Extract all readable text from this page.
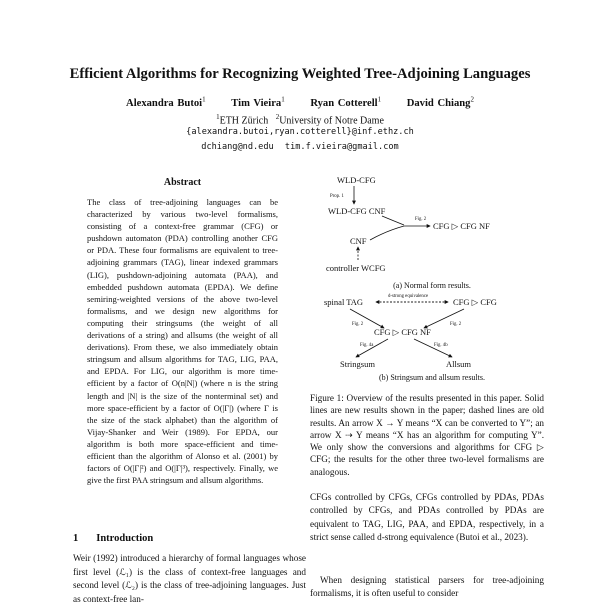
Efficient Algorithms for Recognizing Weighted Tree-Adjoining Languages
Alexandra Butoi$^1$ Tim Vieira$^1$ Ryan Cotterell$^1$ David Chiang$^2$
$^1$ETH Zürich $^2$University of Notre Dame
{alexandra.butoi,ryan.cotterell}@inf.ethz.ch
dchiang@nd.edu tim.f.vieira@gmail.com
Abstract
The class of tree-adjoining languages can be characterized by various two-level formalisms, consisting of a context-free grammar (CFG) or pushdown automaton (PDA) controlling another CFG or PDA. These four formalisms are equivalent to tree-adjoining grammars (TAG), linear indexed grammars (LIG), pushdown-adjoining automata (PAA), and embedded pushdown automata (EPDA). We define semiring-weighted versions of the above two-level formalisms, and we design new algorithms for computing their stringsums (the weight of all derivations of a string) and allsums (the weight of all derivations). From these, we also immediately obtain stringsum and allsum algorithms for TAG, LIG, PAA, and EPDA. For LIG, our algorithm is more time-efficient by a factor of O(n|N|) (where n is the string length and |N| is the size of the nonterminal set) and more space-efficient by a factor of O(|Γ|) (where Γ is the size of the stack alphabet) than the algorithm of Vijay-Shanker and Weir (1989). For EPDA, our algorithm is both more space-efficient and time-efficient than the algorithm of Alonso et al. (2001) by factors of O(|Γ|²) and O(|Γ|³), respectively. Finally, we give the first PAA stringsum and allsum algorithms.
1 Introduction
Weir (1992) introduced a hierarchy of formal languages whose first level (ℒ₁) is the class of context-free languages and second level (ℒ₂) is the class of tree-adjoining languages. Just as context-free lan-
WLD-CFG
Prop. 1
WLD-CFG CNF
Fig. 2
CFG ▷ CFG NF
CNF
controller WCFG
spinal TAG
d-strong equivalence
CFG ▷ CFG
Fig. 2	Fig. 2
CFG ▷ CFG NF
Fig. 4a	Fig. 4b
Stringsum	Allsum
(a) Normal form results.
(b) Stringsum and allsum results.
Figure 1: Overview of the results presented in this paper. Solid lines are new results shown in the paper; dashed lines are old results. An arrow X → Y means “X can be converted to Y”; an arrow X ⇢ Y means “X has an algorithm for computing Y”. We only show the conversions and algorithms for CFG ▷ CFG; the results for the other three two-level formalisms are analogous.
CFGs controlled by CFGs, CFGs controlled by PDAs, PDAs controlled by CFGs, and PDAs controlled by PDAs are equivalent to TAG, LIG, PAA, and EPDA, respectively, in a strict sense called d-strong equivalence (Butoi et al., 2023).
When designing statistical parsers for tree-adjoining formalisms, it is often useful to consider
